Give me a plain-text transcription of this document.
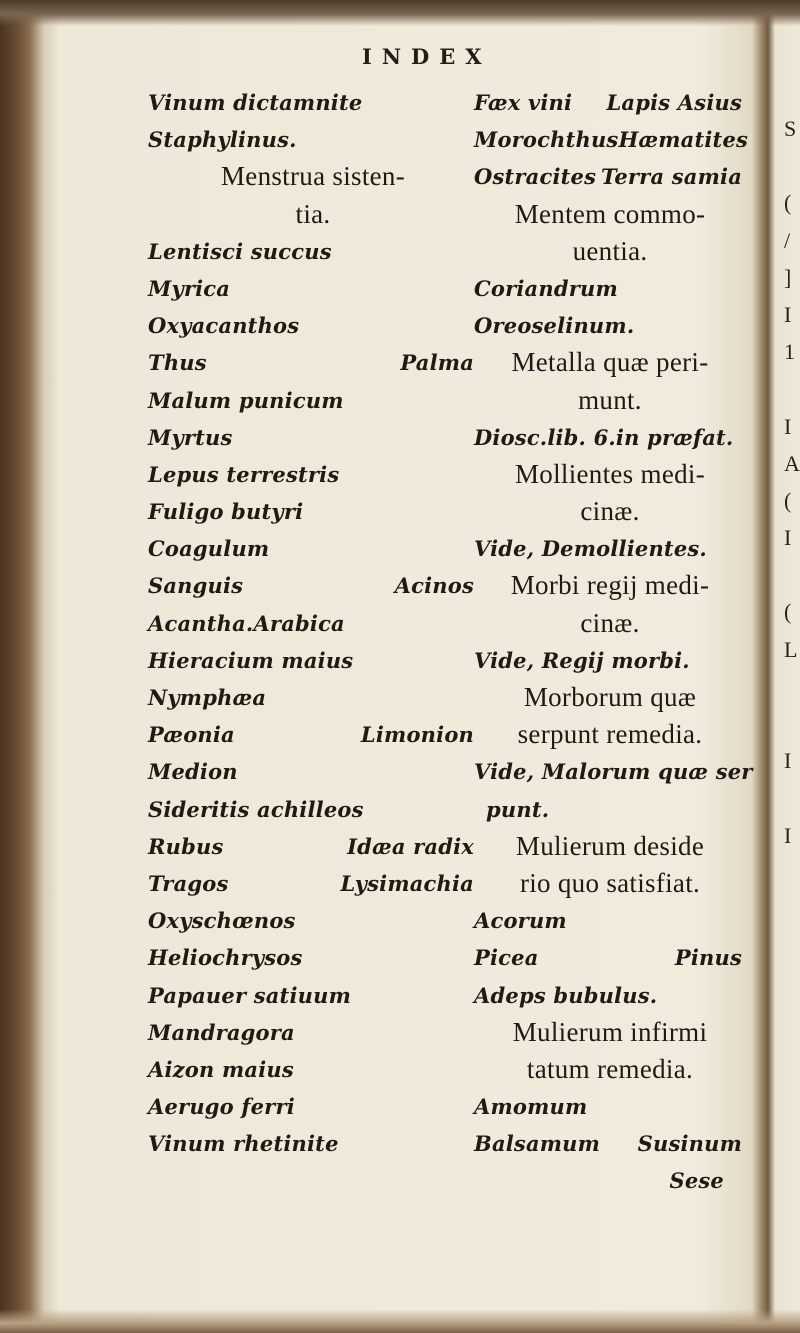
INDEX
Vinum dictamnite
Staphylinus.
Menstrua sisten-
tia.
Lentisci succus
Myrica
Oxyacanthos
Thus	Palma
Malum punicum
Myrtus
Lepus terrestris
Fuligo butyri
Coagulum
Sanguis	Acinos
Acantha.Arabica
Hieracium maius
Nymphæa
Pæonia	Limonion
Medion
Sideritis achilleos
Rubus	Idæa radix
Tragos	Lysimachia
Oxyschœnos
Heliochrysos
Papauer satiuum
Mandragora
Aizon maius
Aerugo ferri
Vinum rhetinite
Fæx vini Lapis Asius
Morochthus Hæmatites
Ostracites Terra samia
Mentem commo-
uentia.
Coriandrum
Oreoselinum.
Metalla quæ peri-
munt.
Diosc.lib. 6.in præfat.
Mollientes medi-
cinæ.
Vide, Demollientes.
Morbi regij medi-
cinæ.
Vide, Regij morbi.
Morborum quæ
serpunt remedia.
Vide, Malorum quæ ser
punt.
Mulierum deside
rio quo satisfiat.
Acorum
Picea	Pinus
Adeps bubulus.
Mulierum infirmi
tatum remedia.
Amomum
Balsamum Susinum
Sese
S
(
/
]
I
1
I
A
(
I
(
L
I
I
